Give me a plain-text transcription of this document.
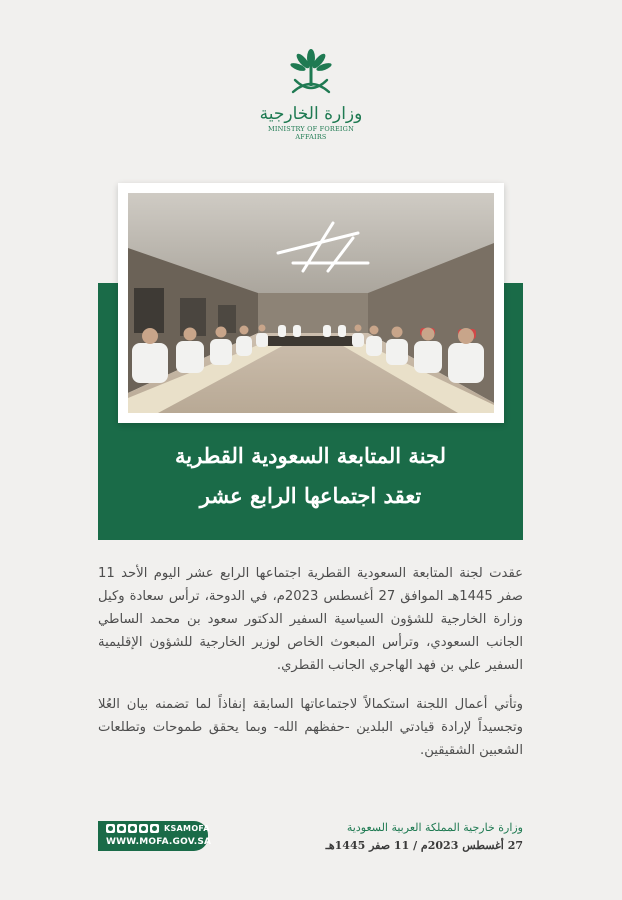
وزارة الخارجية
MINISTRY OF FOREIGN AFFAIRS
لجنة المتابعة السعودية القطرية
تعقد اجتماعها الرابع عشر

عقدت لجنة المتابعة السعودية القطرية اجتماعها الرابع عشر اليوم الأحد 11 صفر 1445هـ الموافق 27 أغسطس 2023م، في الدوحة، ترأس سعادة وكيل وزارة الخارجية للشؤون السياسية السفير الدكتور سعود بن محمد الساطي الجانب السعودي، وترأس المبعوث الخاص لوزير الخارجية للشؤون الإقليمية السفير علي بن فهد الهاجري الجانب القطري.

وتأتي أعمال اللجنة استكمالاً لاجتماعاتها السابقة إنفاذاً لما تضمنه بيان العُلا وتجسيداً لإرادة قيادتي البلدين -حفظهم الله- وبما يحقق طموحات وتطلعات الشعبين الشقيقين.

وزارة خارجية المملكة العربية السعودية
27 أغسطس 2023م / 11 صفر 1445هـ
KSAMOFA
WWW.MOFA.GOV.SA
